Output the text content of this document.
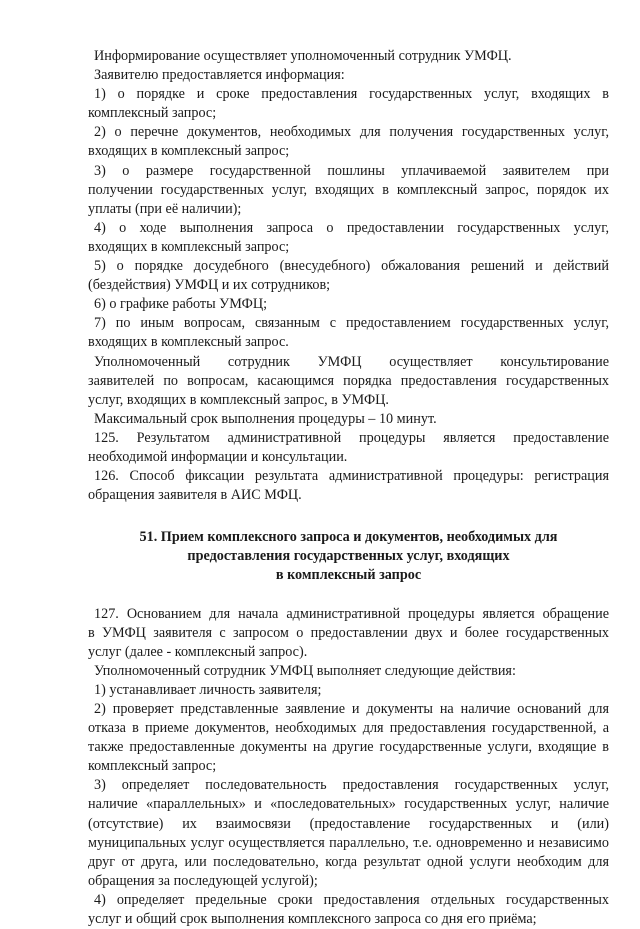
Информирование осуществляет уполномоченный сотрудник УМФЦ.
Заявителю предоставляется информация:
1) о порядке и сроке предоставления государственных услуг, входящих в
комплексный запрос;
2) о перечне документов, необходимых для получения государственных услуг,
входящих в комплексный запрос;
3) о размере государственной пошлины уплачиваемой заявителем при
получении государственных услуг, входящих в комплексный запрос, порядок их
уплаты (при её наличии);
4) о ходе выполнения запроса о предоставлении государственных услуг,
входящих в комплексный запрос;
5) о порядке досудебного (внесудебного) обжалования решений и действий
(бездействия) УМФЦ и их сотрудников;
6) о графике работы УМФЦ;
7) по иным вопросам, связанным с предоставлением государственных услуг,
входящих в комплексный запрос.
Уполномоченный сотрудник УМФЦ осуществляет консультирование
заявителей по вопросам, касающимся порядка предоставления государственных
услуг, входящих в комплексный запрос, в УМФЦ.
Максимальный срок выполнения процедуры – 10 минут.
125. Результатом административной процедуры является предоставление
необходимой информации и консультации.
126. Способ фиксации результата административной процедуры: регистрация
обращения заявителя в АИС МФЦ.
51. Прием комплексного запроса и документов, необходимых для
предоставления государственных услуг, входящих
в комплексный запрос
127. Основанием для начала административной процедуры является обращение
в УМФЦ заявителя с запросом о предоставлении двух и более государственных
услуг (далее - комплексный запрос).
Уполномоченный сотрудник УМФЦ выполняет следующие действия:
1) устанавливает личность заявителя;
2) проверяет представленные заявление и документы на наличие оснований для
отказа в приеме документов, необходимых для предоставления государственной, а
также предоставленные документы на другие государственные услуги, входящие в
комплексный запрос;
3) определяет последовательность предоставления государственных услуг,
наличие «параллельных» и «последовательных» государственных услуг, наличие
(отсутствие) их взаимосвязи (предоставление государственных и (или)
муниципальных услуг осуществляется параллельно, т.е. одновременно и независимо
друг от друга, или последовательно, когда результат одной услуги необходим для
обращения за последующей услугой);
4) определяет предельные сроки предоставления отдельных государственных
услуг и общий срок выполнения комплексного запроса со дня его приёма;
